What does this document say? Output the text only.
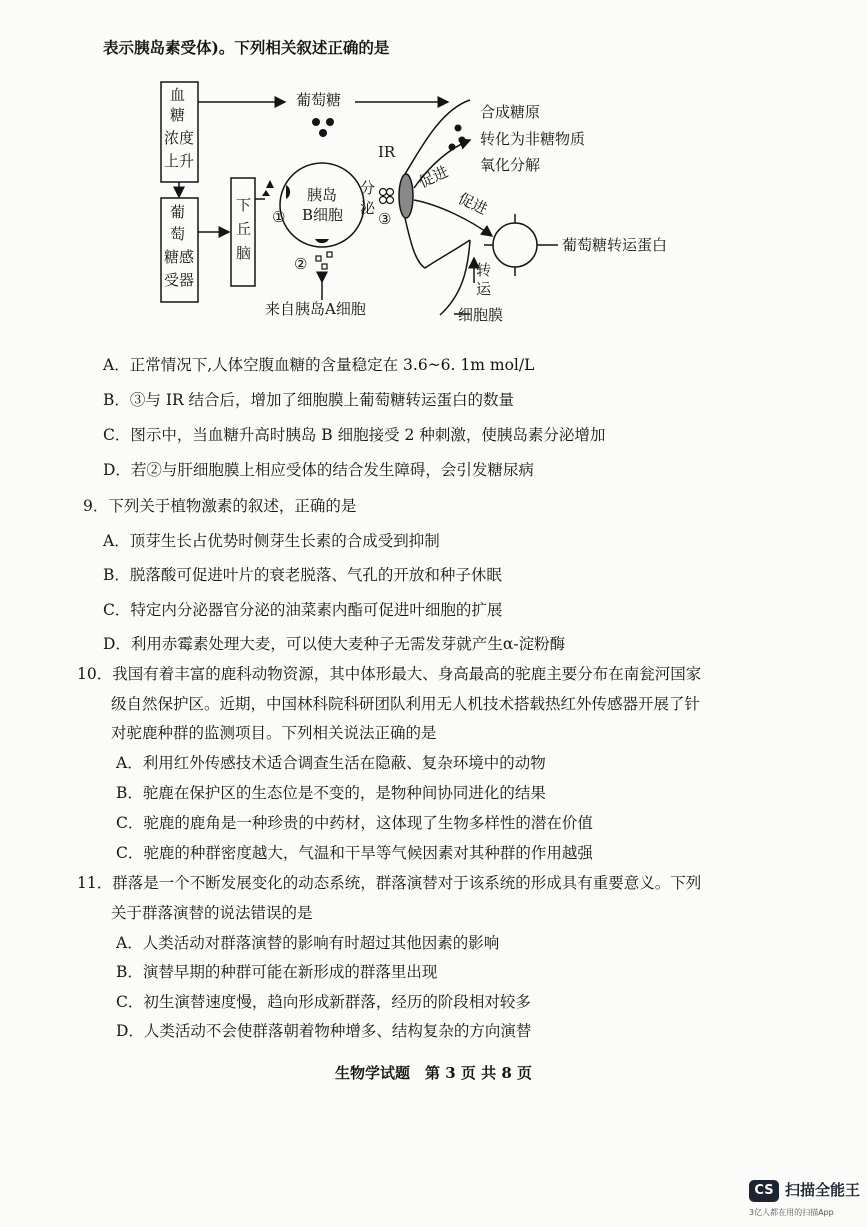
表示胰岛素受体)。下列相关叙述正确的是
血
糖
浓度
上升
葡
萄
糖感
受器
下
丘
脑
葡萄糖
胰岛
B细胞
分
泌
IR
①
②
③
来自胰岛A细胞
合成糖原
转化为非糖物质
氧化分解
促进
促进
葡萄糖转运蛋白
转
运
细胞膜
A．正常情况下,人体空腹血糖的含量稳定在 3.6~6. 1m mol/L
B．③与 IR 结合后，增加了细胞膜上葡萄糖转运蛋白的数量
C．图示中，当血糖升高时胰岛 B 细胞接受 2 种刺激，使胰岛素分泌增加
D．若②与肝细胞膜上相应受体的结合发生障碍，会引发糖尿病
9．下列关于植物激素的叙述，正确的是
A．顶芽生长占优势时侧芽生长素的合成受到抑制
B．脱落酸可促进叶片的衰老脱落、气孔的开放和种子休眠
C．特定内分泌器官分泌的油菜素内酯可促进叶细胞的扩展
D．利用赤霉素处理大麦，可以使大麦种子无需发芽就产生α-淀粉酶
10．我国有着丰富的鹿科动物资源，其中体形最大、身高最高的驼鹿主要分布在南瓮河国家
级自然保护区。近期，中国林科院科研团队利用无人机技术搭载热红外传感器开展了针
对驼鹿种群的监测项目。下列相关说法正确的是
A．利用红外传感技术适合调查生活在隐蔽、复杂环境中的动物
B．驼鹿在保护区的生态位是不变的，是物种间协同进化的结果
C．驼鹿的鹿角是一种珍贵的中药材，这体现了生物多样性的潜在价值
C．驼鹿的种群密度越大，气温和干旱等气候因素对其种群的作用越强
11．群落是一个不断发展变化的动态系统，群落演替对于该系统的形成具有重要意义。下列
关于群落演替的说法错误的是
A．人类活动对群落演替的影响有时超过其他因素的影响
B．演替早期的种群可能在新形成的群落里出现
C．初生演替速度慢，趋向形成新群落，经历的阶段相对较多
D．人类活动不会使群落朝着物种增多、结构复杂的方向演替
生物学试题　第 3 页 共 8 页
CS 扫描全能王
3亿人都在用的扫描App
